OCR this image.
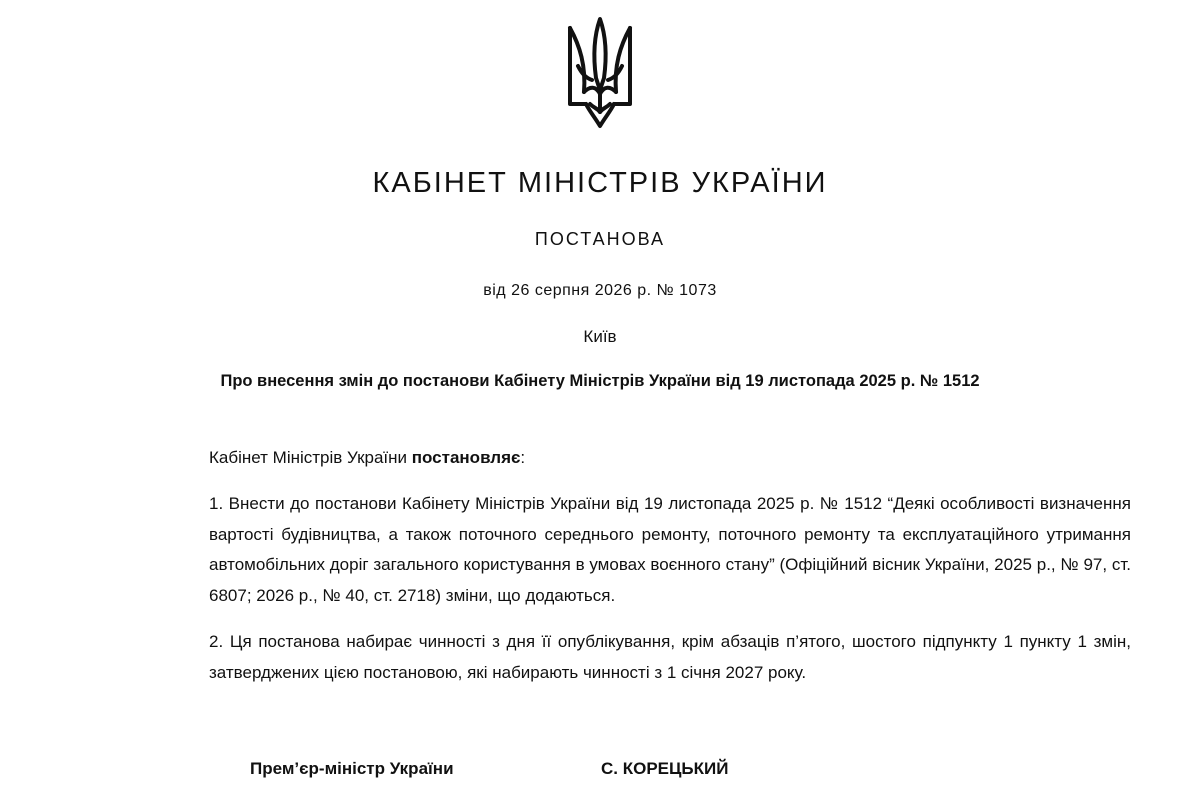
КАБІНЕТ МІНІСТРІВ УКРАЇНИ
ПОСТАНОВА
від 26 серпня 2026 р. № 1073
Київ
Про внесення змін до постанови Кабінету Міністрів України від 19 листопада 2025 р. № 1512

Кабінет Міністрів України постановляє:

1. Внести до постанови Кабінету Міністрів України від 19 листопада 2025 р. № 1512 “Деякі особливості визначення вартості будівництва, а також поточного середнього ремонту, поточного ремонту та експлуатаційного утримання автомобільних доріг загального користування в умовах воєнного стану” (Офіційний вісник України, 2025 р., № 97, ст. 6807; 2026 р., № 40, ст. 2718) зміни, що додаються.

2. Ця постанова набирає чинності з дня її опублікування, крім абзаців п’ятого, шостого підпункту 1 пункту 1 змін, затверджених цією постановою, які набирають чинності з 1 січня 2027 року.

Прем’єр-міністр України	С. КОРЕЦЬКИЙ
